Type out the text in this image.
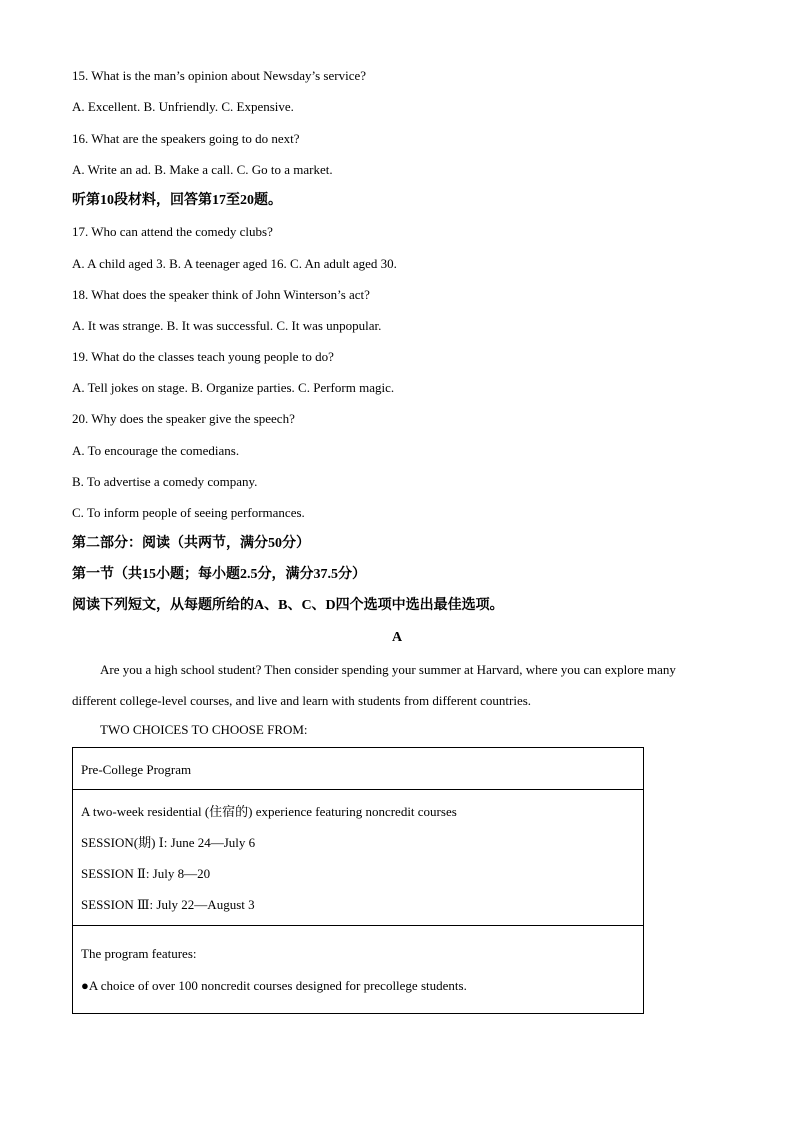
15. What is the man’s opinion about Newsday’s service?
A. Excellent. B. Unfriendly. C. Expensive.
16. What are the speakers going to do next?
A. Write an ad. B. Make a call. C. Go to a market.
听第10段材料，回答第17至20题。
17. Who can attend the comedy clubs?
A. A child aged 3. B. A teenager aged 16. C. An adult aged 30.
18. What does the speaker think of John Winterson’s act?
A. It was strange. B. It was successful. C. It was unpopular.
19. What do the classes teach young people to do?
A. Tell jokes on stage. B. Organize parties. C. Perform magic.
20. Why does the speaker give the speech?
A. To encourage the comedians.
B. To advertise a comedy company.
C. To inform people of seeing performances.
第二部分：阅读（共两节，满分50分）
第一节（共15小题；每小题2.5分，满分37.5分）
阅读下列短文，从每题所给的A、B、C、D四个选项中选出最佳选项。
A
Are you a high school student? Then consider spending your summer at Harvard, where you can explore many different college-level courses, and live and learn with students from different countries.
TWO CHOICES TO CHOOSE FROM:
Pre-College Program
A two-week residential (住宿的) experience featuring noncredit courses
SESSION(期) Ⅰ: June 24—July 6
SESSION Ⅱ: July 8—20
SESSION Ⅲ: July 22—August 3
The program features:
●A choice of over 100 noncredit courses designed for precollege students.
